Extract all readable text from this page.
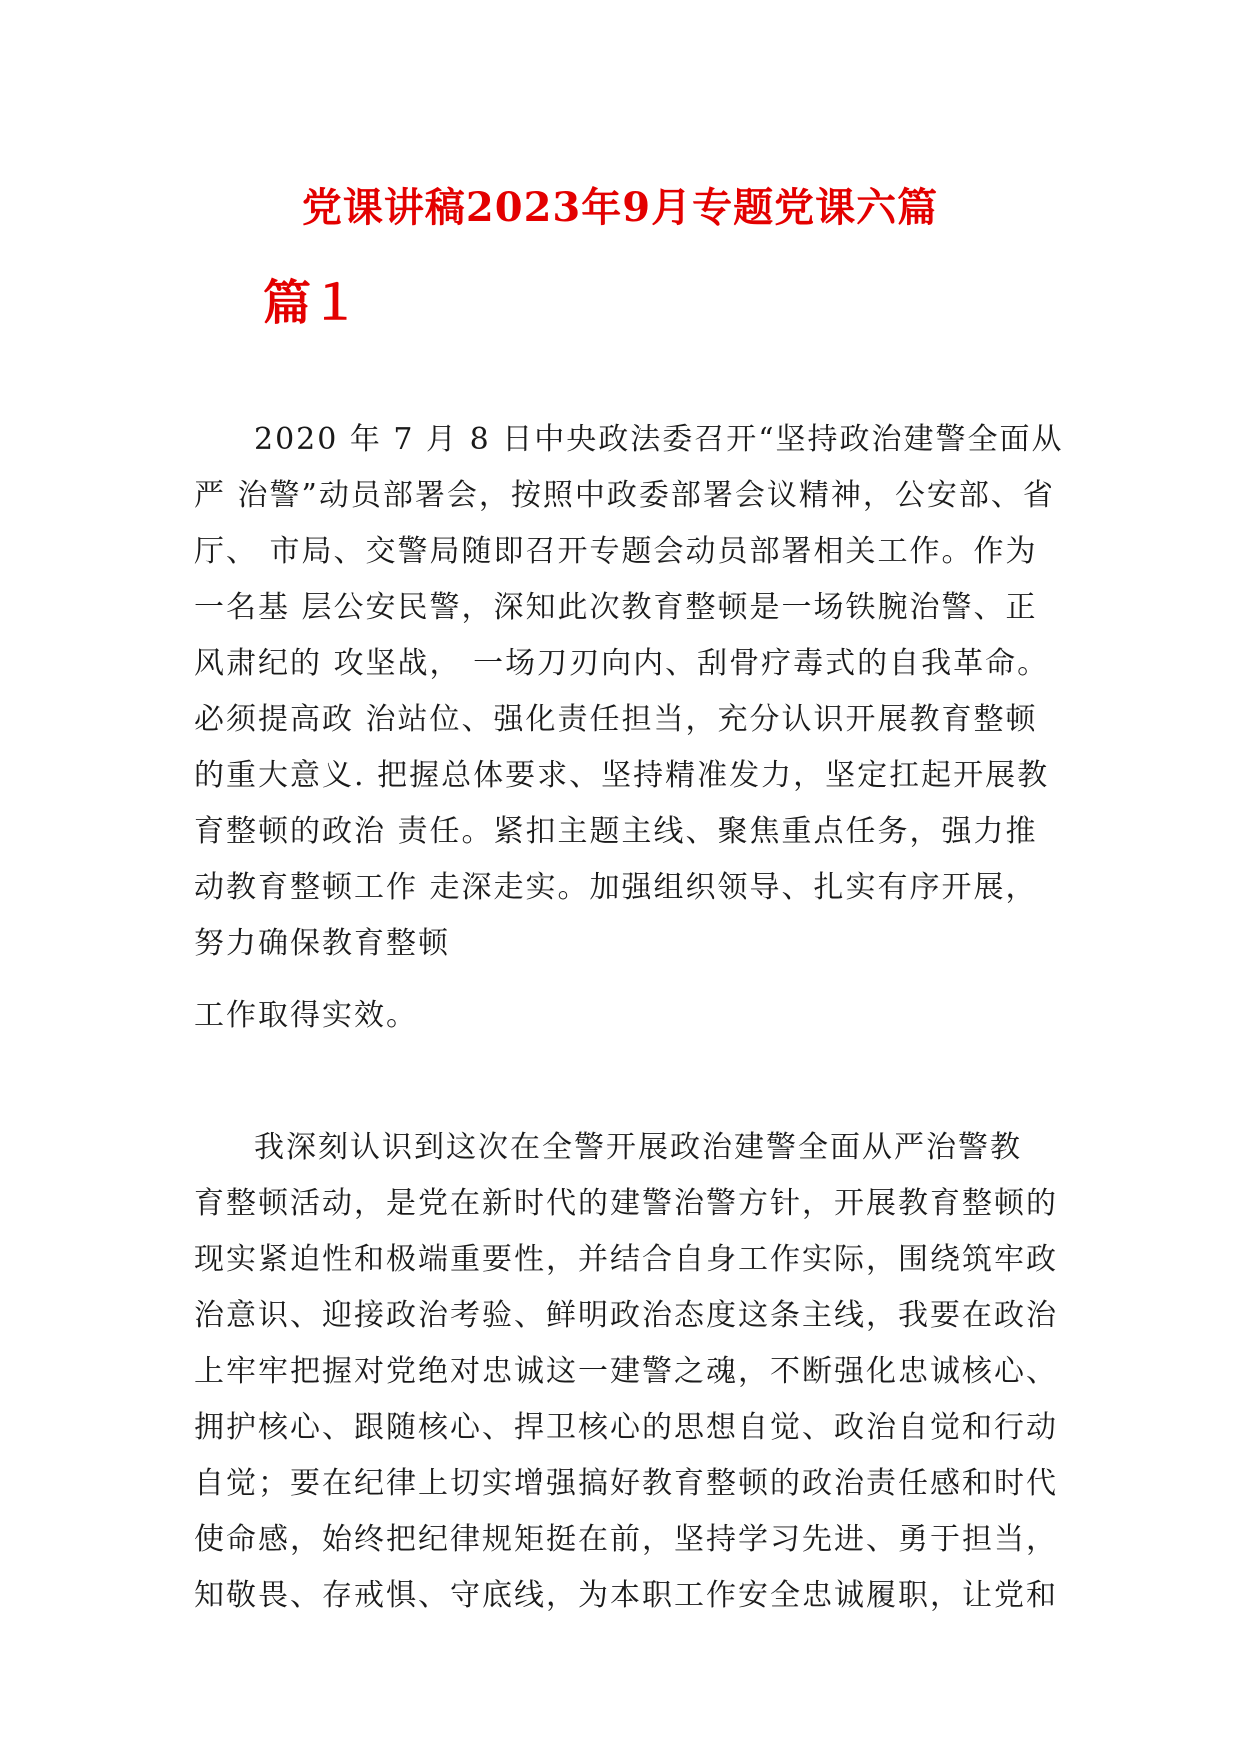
党课讲稿2023年9月专题党课六篇
篇１
2020 年 7 月 8 日中央政法委召开“坚持政治建警全面从
严 治警”动员部署会，按照中政委部署会议精神，公安部、省
厅、 市局、交警局随即召开专题会动员部署相关工作。作为
一名基 层公安民警，深知此次教育整顿是一场铁腕治警、正
风肃纪的 攻坚战， 一场刀刃向内、刮骨疗毒式的自我革命。
必须提高政 治站位、强化责任担当，充分认识开展教育整顿
的重大意义. 把握总体要求、坚持精准发力，坚定扛起开展教
育整顿的政治 责任。紧扣主题主线、聚焦重点任务，强力推
动教育整顿工作 走深走实。加强组织领导、扎实有序开展，
努力确保教育整顿
工作取得实效。
我深刻认识到这次在全警开展政治建警全面从严治警教
育整顿活动，是党在新时代的建警治警方针，开展教育整顿的
现实紧迫性和极端重要性，并结合自身工作实际，围绕筑牢政
治意识、迎接政治考验、鲜明政治态度这条主线，我要在政治
上牢牢把握对党绝对忠诚这一建警之魂，不断强化忠诚核心、
拥护核心、跟随核心、捍卫核心的思想自觉、政治自觉和行动
自觉；要在纪律上切实增强搞好教育整顿的政治责任感和时代
使命感，始终把纪律规矩挺在前，坚持学习先进、勇于担当，
知敬畏、存戒惧、守底线，为本职工作安全忠诚履职，让党和
